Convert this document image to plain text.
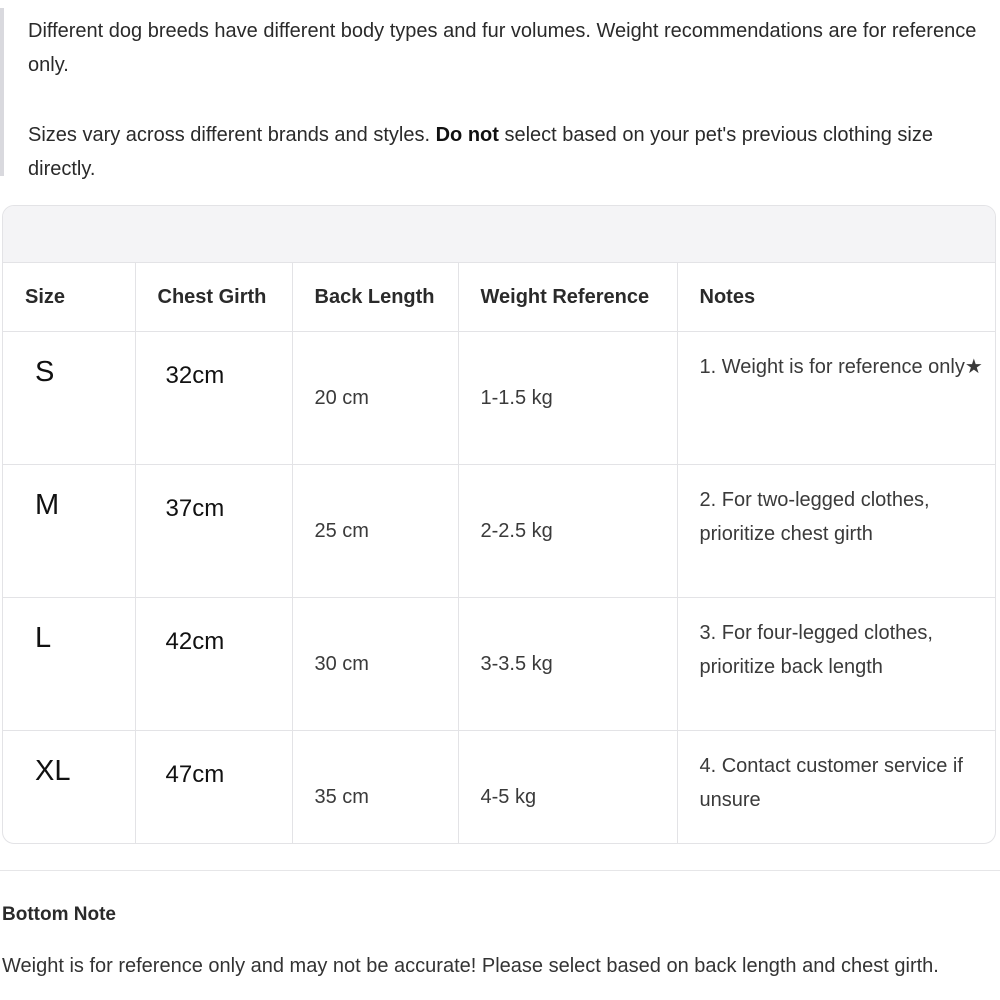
Different dog breeds have different body types and fur volumes. Weight recommendations are for reference only.

Sizes vary across different brands and styles. Do not select based on your pet's previous clothing size directly.

Size	Chest Girth	Back Length	Weight Reference	Notes
S	32cm	20 cm	1-1.5 kg	1. Weight is for reference only★
M	37cm	25 cm	2-2.5 kg	2. For two-legged clothes, prioritize chest girth
L	42cm	30 cm	3-3.5 kg	3. For four-legged clothes, prioritize back length
XL	47cm	35 cm	4-5 kg	4. Contact customer service if unsure

Bottom Note
Weight is for reference only and may not be accurate! Please select based on back length and chest girth.
